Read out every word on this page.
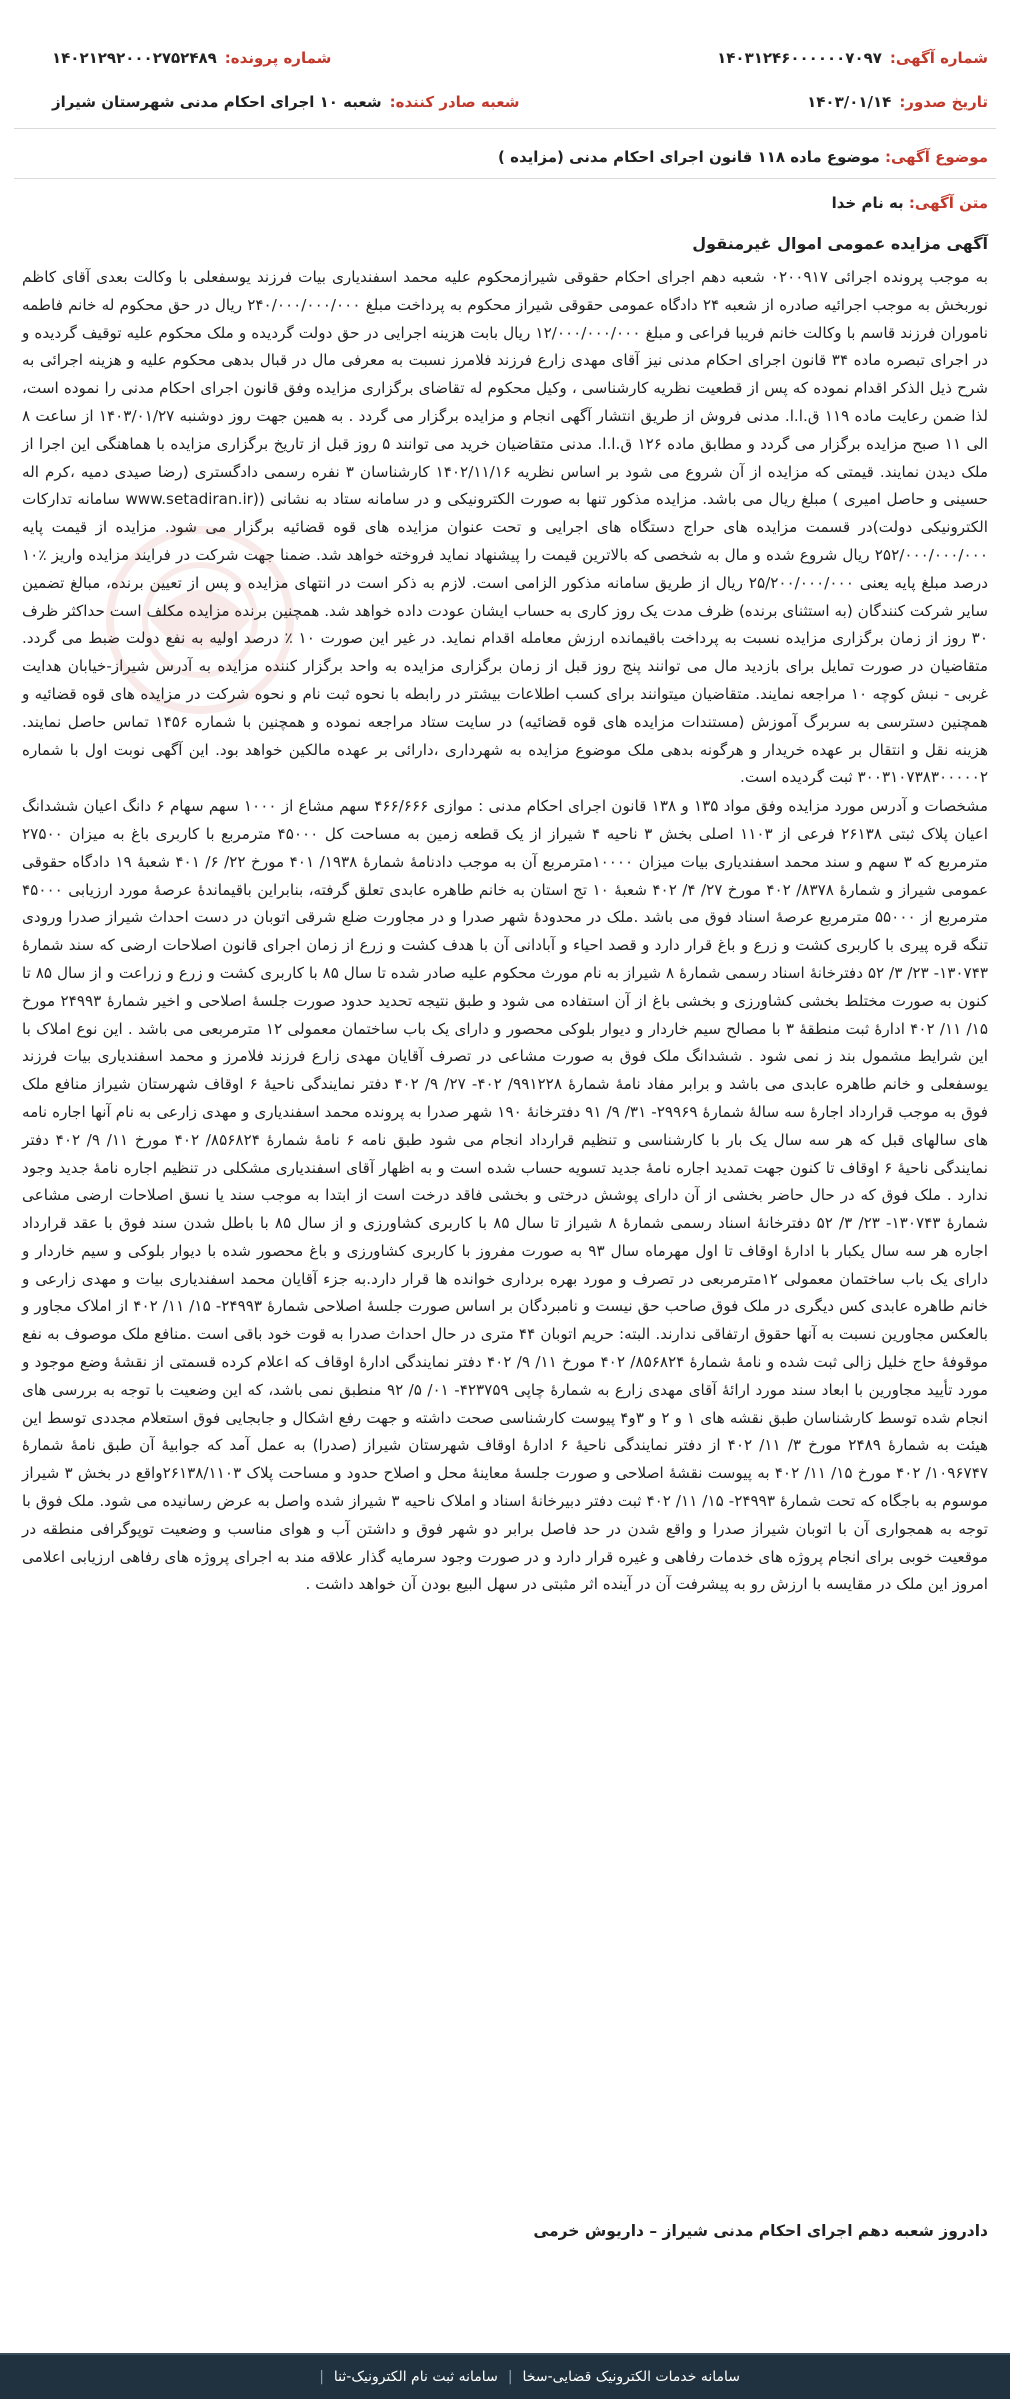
شماره آگهی:
۱۴۰۳۱۲۴۶۰۰۰۰۰۰۷۰۹۷
شماره پرونده:
۱۴۰۲۱۲۹۲۰۰۰۲۷۵۲۴۸۹
تاریخ صدور:
۱۴۰۳/۰۱/۱۴
شعبه صادر کننده:
شعبه ۱۰ اجرای احکام مدنی شهرستان شیراز
موضوع آگهی: موضوع ماده ۱۱۸ قانون اجرای احکام مدنی (مزایده )
متن آگهی: به نام خدا
آگهی مزایده عمومی اموال غیرمنقول

به موجب پرونده اجرائی ۰۲۰۰۹۱۷ شعبه دهم اجرای احکام حقوقی شیرازمحکوم علیه محمد اسفندیاری بیات فرزند یوسفعلی با وکالت بعدی آقای کاظم نوربخش به موجب اجرائیه صادره از شعبه ۲۴ دادگاه عمومی حقوقی شیراز محکوم به پرداخت مبلغ ۲۴۰/۰۰۰/۰۰۰/۰۰۰ ریال در حق محکوم له خانم فاطمه ناموران فرزند قاسم با وکالت خانم فریبا فراعی و مبلغ ۱۲/۰۰۰/۰۰۰/۰۰۰ ریال بابت هزینه اجرایی در حق دولت گردیده و ملک محکوم علیه توقیف گردیده و در اجرای تبصره ماده ۳۴ قانون اجرای احکام مدنی نیز آقای مهدی زارع فرزند فلامرز نسبت به معرفی مال در قبال بدهی محکوم علیه و هزینه اجرائی به شرح ذیل الذکر اقدام نموده که پس از قطعیت نظریه کارشناسی ، وکیل محکوم له تقاضای برگزاری مزایده وفق قانون اجرای احکام مدنی را نموده است، لذا ضمن رعایت ماده ۱۱۹ ق.ا.ا. مدنی فروش از طریق انتشار آگهی انجام و مزایده برگزار می گردد . به همین جهت روز دوشنبه ۱۴۰۳/۰۱/۲۷ از ساعت ۸ الی ۱۱ صبح مزایده برگزار می گردد و مطابق ماده ۱۲۶ ق.ا.ا. مدنی متقاضیان خرید می توانند ۵ روز قبل از تاریخ برگزاری مزایده با هماهنگی این اجرا از ملک دیدن نمایند. قیمتی که مزایده از آن شروع می شود بر اساس نظریه ۱۴۰۲/۱۱/۱۶ کارشناسان ۳ نفره رسمی دادگستری (رضا صیدی دمیه ،کرم اله حسینی و حاصل امیری ) مبلغ ریال می باشد. مزایده مذکور تنها به صورت الکترونیکی و در سامانه ستاد به نشانی ((www.setadiran.ir سامانه تدارکات الکترونیکی دولت)در قسمت مزایده های حراج دستگاه های اجرایی و تحت عنوان مزایده های قوه قضائیه برگزار می شود. مزایده از قیمت پایه ۲۵۲/۰۰۰/۰۰۰/۰۰۰ ریال شروع شده و مال به شخصی که بالاترین قیمت را پیشنهاد نماید فروخته خواهد شد. ضمنا جهت شرکت در فرایند مزایده واریز ٪۱۰ درصد مبلغ پایه یعنی ۲۵/۲۰۰/۰۰۰/۰۰۰ ریال از طریق سامانه مذکور الزامی است. لازم به ذکر است در انتهای مزایده و پس از تعیین برنده، مبالغ تضمین سایر شرکت کنندگان (به استثنای برنده) ظرف مدت یک روز کاری به حساب ایشان عودت داده خواهد شد. همچنین برنده مزایده مکلف است حداکثر ظرف ۳۰ روز از زمان برگزاری مزایده نسبت به پرداخت باقیمانده ارزش معامله اقدام نماید. در غیر این صورت ۱۰ ٪ درصد اولیه به نفع دولت ضبط می گردد. متقاضیان در صورت تمایل برای بازدید مال می توانند پنج روز قبل از زمان برگزاری مزایده به واحد برگزار کننده مزایده به آدرس شیراز-خیابان هدایت غربی - نبش کوچه ۱۰ مراجعه نمایند. متقاضیان میتوانند برای کسب اطلاعات بیشتر در رابطه با نحوه ثبت نام و نحوه شرکت در مزایده های قوه قضائیه و همچنین دسترسی به سربرگ آموزش (مستندات مزایده های قوه قضائیه) در سایت ستاد مراجعه نموده و همچنین با شماره ۱۴۵۶ تماس حاصل نمایند. هزینه نقل و انتقال بر عهده خریدار و هرگونه بدهی ملک موضوع مزایده به شهرداری ،دارائی بر عهده مالکین خواهد بود. این آگهی نوبت اول با شماره ۳۰۰۳۱۰۷۳۸۳۰۰۰۰۰۲ ثبت گردیده است.

مشخصات و آدرس مورد مزایده وفق مواد ۱۳۵ و ۱۳۸ قانون اجرای احکام مدنی : موازی ۴۶۶/۶۶۶ سهم مشاع از ۱۰۰۰ سهم سهام ۶ دانگ اعیان ششدانگ اعیان پلاک ثبتی ۲۶۱۳۸ فرعی از ۱۱۰۳ اصلی بخش ۳ ناحیه ۴ شیراز از یک قطعه زمین به مساحت کل ۴۵۰۰۰ مترمربع با کاربری باغ به میزان ۲۷۵۰۰ مترمربع که ۳ سهم و سند محمد اسفندیاری بیات میزان ۱۰۰۰۰مترمربع آن به موجب دادنامهٔ شمارهٔ ۱۹۳۸/ ۴۰۱ مورخ ۲۲/ ۶/ ۴۰۱ شعبهٔ ۱۹ دادگاه حقوقی عمومی شیراز و شمارهٔ ۸۳۷۸/ ۴۰۲ مورخ ۲۷/ ۴/ ۴۰۲ شعبهٔ ۱۰ تج استان به خانم طاهره عابدی تعلق گرفته، بنابراین باقیماندهٔ عرصهٔ مورد ارزیابی ۴۵۰۰۰ مترمربع از ۵۵۰۰۰ مترمربع عرصهٔ اسناد فوق می باشد .ملک در محدودهٔ شهر صدرا و در مجاورت ضلع شرقی اتوبان در دست احداث شیراز صدرا ورودی تنگه قره پیری با کاربری کشت و زرع و باغ قرار دارد و قصد احیاء و آبادانی آن با هدف کشت و زرع از زمان اجرای قانون اصلاحات ارضی که سند شمارهٔ ۱۳۰۷۴۳- ۲۳/ ۳/ ۵۲ دفترخانهٔ اسناد رسمی شمارهٔ ۸ شیراز به نام مورث محکوم علیه صادر شده تا سال ۸۵ با کاربری کشت و زرع و زراعت و از سال ۸۵ تا کنون به صورت مختلط بخشی کشاورزی و بخشی باغ از آن استفاده می شود و طبق نتیجه تحدید حدود صورت جلسهٔ اصلاحی و اخیر شمارهٔ ۲۴۹۹۳ مورخ ۱۵/ ۱۱/ ۴۰۲ ادارهٔ ثبت منطقهٔ ۳ با مصالح سیم خاردار و دیوار بلوکی محصور و دارای یک باب ساختمان معمولی ۱۲ مترمربعی می باشد . این نوع املاک با این شرایط مشمول بند ز نمی شود . ششدانگ ملک فوق به صورت مشاعی در تصرف آقایان مهدی زارع فرزند فلامرز و محمد اسفندیاری بیات فرزند یوسفعلی و خانم طاهره عابدی می باشد و برابر مفاد نامهٔ شمارهٔ ۹۹۱۲۲۸/ ۴۰۲- ۲۷/ ۹/ ۴۰۲ دفتر نمایندگی ناحیهٔ ۶ اوقاف شهرستان شیراز منافع ملک فوق به موجب قرارداد اجارهٔ سه سالهٔ شمارهٔ ۲۹۹۶۹- ۳۱/ ۹/ ۹۱ دفترخانهٔ ۱۹۰ شهر صدرا به پرونده محمد اسفندیاری و مهدی زارعی به نام آنها اجاره نامه های سالهای قبل که هر سه سال یک بار با کارشناسی و تنظیم قرارداد انجام می شود طبق نامه ۶ نامهٔ شمارهٔ ۸۵۶۸۲۴/ ۴۰۲ مورخ ۱۱/ ۹/ ۴۰۲ دفتر نمایندگی ناحیهٔ ۶ اوقاف تا کنون جهت تمدید اجاره نامهٔ جدید تسویه حساب شده است و به اظهار آقای اسفندیاری مشکلی در تنظیم اجاره نامهٔ جدید وجود ندارد . ملک فوق که در حال حاضر بخشی از آن دارای پوشش درختی و بخشی فاقد درخت است از ابتدا به موجب سند یا نسق اصلاحات ارضی مشاعی شمارهٔ ۱۳۰۷۴۳- ۲۳/ ۳/ ۵۲ دفترخانهٔ اسناد رسمی شمارهٔ ۸ شیراز تا سال ۸۵ با کاربری کشاورزی و از سال ۸۵ با باطل شدن سند فوق با عقد قرارداد اجاره هر سه سال یکبار با ادارهٔ اوقاف تا اول مهرماه سال ۹۳ به صورت مفروز با کاربری کشاورزی و باغ محصور شده با دیوار بلوکی و سیم خاردار و دارای یک باب ساختمان معمولی ۱۲مترمربعی در تصرف و مورد بهره برداری خوانده ها قرار دارد.به جزء آقایان محمد اسفندیاری بیات و مهدی زارعی و خانم طاهره عابدی کس دیگری در ملک فوق صاحب حق نیست و نامبردگان بر اساس صورت جلسهٔ اصلاحی شمارهٔ ۲۴۹۹۳- ۱۵/ ۱۱/ ۴۰۲ از املاک مجاور و بالعکس مجاورین نسبت به آنها حقوق ارتفاقی ندارند. البته: حریم اتوبان ۴۴ متری در حال احداث صدرا به قوت خود باقی است .منافع ملک موصوف به نفع موقوفهٔ حاج خلیل زالی ثبت شده و نامهٔ شمارهٔ ۸۵۶۸۲۴/ ۴۰۲ مورخ ۱۱/ ۹/ ۴۰۲ دفتر نمایندگی ادارهٔ اوقاف که اعلام کرده قسمتی از نقشهٔ وضع موجود و مورد تأیید مجاورین با ابعاد سند مورد ارائهٔ آقای مهدی زارع به شمارهٔ چاپی ۴۲۳۷۵۹- ۰۱/ ۵/ ۹۲ منطبق نمی باشد، که این وضعیت با توجه به بررسی های انجام شده توسط کارشناسان طبق نقشه های ۱ و ۲ و ۳و۴ پیوست کارشناسی صحت داشته و جهت رفع اشکال و جابجایی فوق استعلام مجددی توسط این هیئت به شمارهٔ ۲۴۸۹ مورخ ۳/ ۱۱/ ۴۰۲ از دفتر نمایندگی ناحیهٔ ۶ ادارهٔ اوقاف شهرستان شیراز (صدرا) به عمل آمد که جوابیهٔ آن طبق نامهٔ شمارهٔ ۱۰۹۶۷۴۷/ ۴۰۲ مورخ ۱۵/ ۱۱/ ۴۰۲ به پیوست نقشهٔ اصلاحی و صورت جلسهٔ معاینهٔ محل و اصلاح حدود و مساحت پلاک ۲۶۱۳۸/۱۱۰۳واقع در بخش ۳ شیراز موسوم به باجگاه که تحت شمارهٔ ۲۴۹۹۳- ۱۵/ ۱۱/ ۴۰۲ ثبت دفتر دبیرخانهٔ اسناد و املاک ناحیه ۳ شیراز شده واصل به عرض رسانیده می شود. ملک فوق با توجه به همجواری آن با اتوبان شیراز صدرا و واقع شدن در حد فاصل برابر دو شهر فوق و داشتن آب و هوای مناسب و وضعیت توپوگرافی منطقه در موقعیت خوبی برای انجام پروژه های خدمات رفاهی و غیره قرار دارد و در صورت وجود سرمایه گذار علاقه مند به اجرای پروژه های رفاهی ارزیابی اعلامی امروز این ملک در مقایسه با ارزش رو به پیشرفت آن در آینده اثر مثبتی در سهل البیع بودن آن خواهد داشت .

دادروز شعبه دهم اجرای احکام مدنی شیراز – داریوش خرمی
سامانه خدمات الکترونیک قضایی-سخا
|
سامانه ثبت نام الکترونیک-ثنا
|
